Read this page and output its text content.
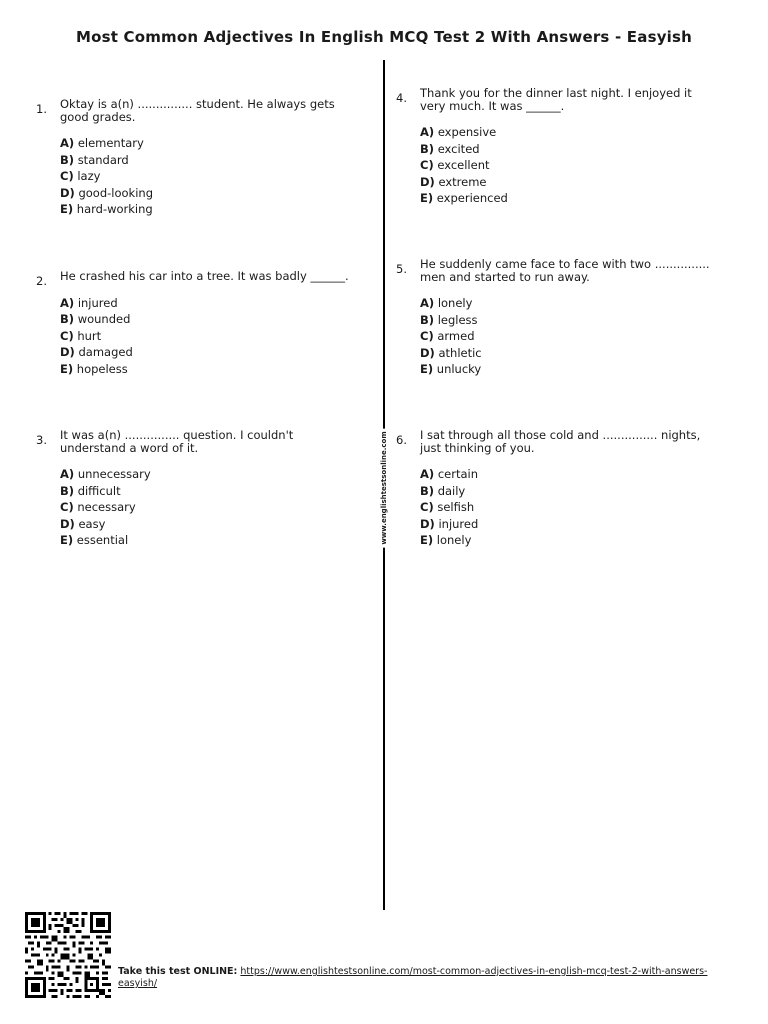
Most Common Adjectives In English MCQ Test 2 With Answers - Easyish
www.englishtestsonline.com
1. Oktay is a(n) ............... student. He always gets good grades.
A) elementary
B) standard
C) lazy
D) good-looking
E) hard-working
2. He crashed his car into a tree. It was badly ______.
A) injured
B) wounded
C) hurt
D) damaged
E) hopeless
3. It was a(n) ............... question. I couldn't understand a word of it.
A) unnecessary
B) difficult
C) necessary
D) easy
E) essential
4. Thank you for the dinner last night. I enjoyed it very much. It was ______.
A) expensive
B) excited
C) excellent
D) extreme
E) experienced
5. He suddenly came face to face with two ............... men and started to run away.
A) lonely
B) legless
C) armed
D) athletic
E) unlucky
6. I sat through all those cold and ............... nights, just thinking of you.
A) certain
B) daily
C) selfish
D) injured
E) lonely
Take this test ONLINE: https://www.englishtestsonline.com/most-common-adjectives-in-english-mcq-test-2-with-answers-easyish/
